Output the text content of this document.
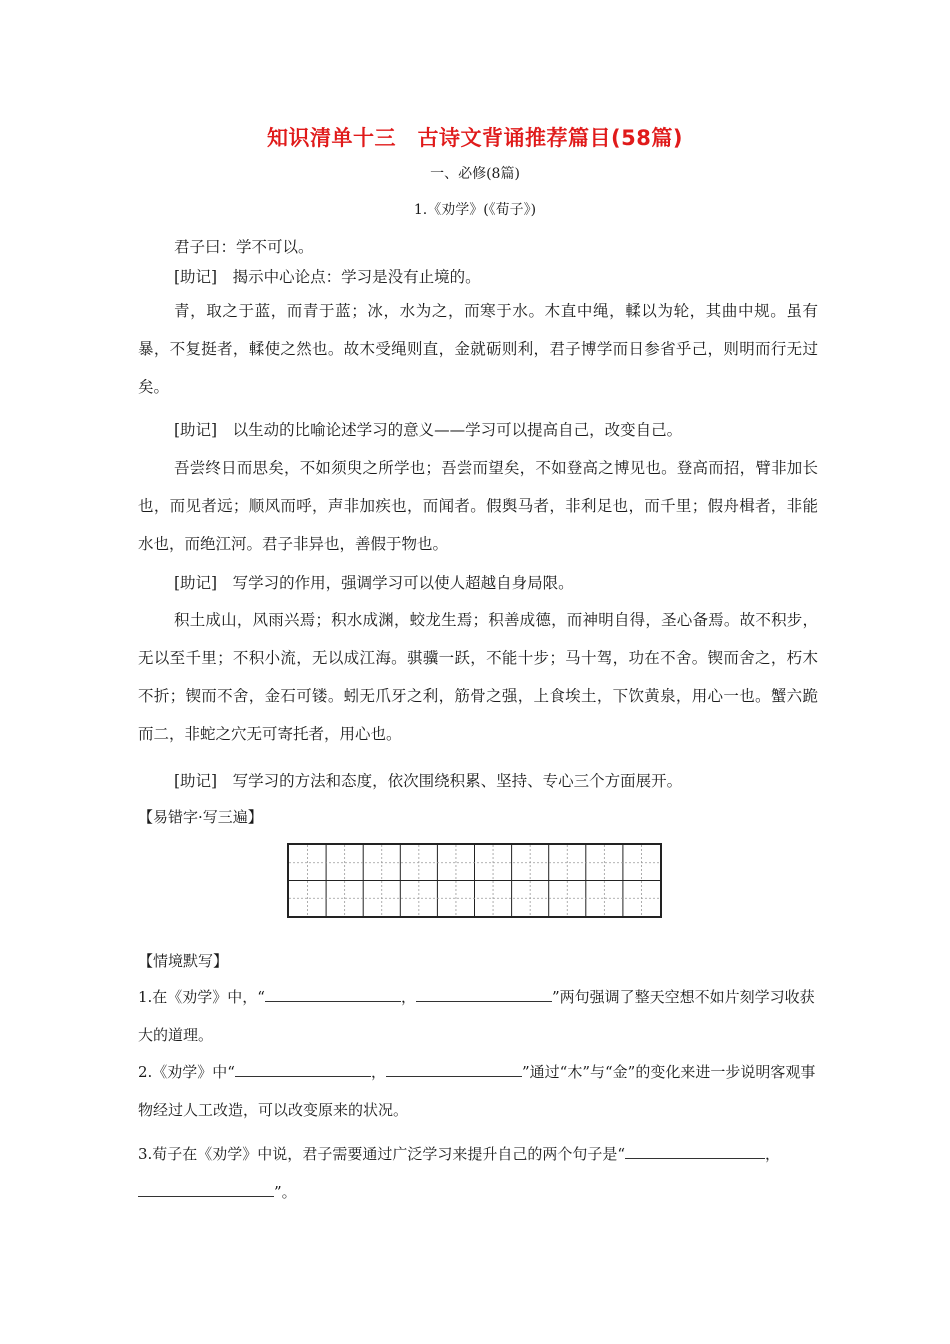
知识清单十三　古诗文背诵推荐篇目(58篇)
一、必修(8篇)
1.《劝学》(《荀子》)

君子曰：学不可以。

[助记]　揭示中心论点：学习是没有止境的。

青，取之于蓝，而青于蓝；冰，水为之，而寒于水。木直中绳，輮以为轮，其曲中规。虽有暴，不复挺者，輮使之然也。故木受绳则直，金就砺则利，君子博学而日参省乎己，则明而行无过矣。

[助记]　以生动的比喻论述学习的意义——学习可以提高自己，改变自己。

吾尝终日而思矣，不如须臾之所学也；吾尝而望矣，不如登高之博见也。登高而招，臂非加长也，而见者远；顺风而呼，声非加疾也，而闻者。假舆马者，非利足也，而千里；假舟楫者，非能水也，而绝江河。君子非异也，善假于物也。

[助记]　写学习的作用，强调学习可以使人超越自身局限。

积土成山，风雨兴焉；积水成渊，蛟龙生焉；积善成德，而神明自得，圣心备焉。故不积步，无以至千里；不积小流，无以成江海。骐骥一跃，不能十步；马十驾，功在不舍。锲而舍之，朽木不折；锲而不舍，金石可镂。蚓无爪牙之利，筋骨之强，上食埃土，下饮黄泉，用心一也。蟹六跪而二，非蛇之穴无可寄托者，用心也。

[助记]　写学习的方法和态度，依次围绕积累、坚持、专心三个方面展开。

【易错字·写三遍】
【情境默写】

1.在《劝学》中，“	，	”两句强调了整天空想不如片刻学习收获大的道理。

2.《劝学》中“	，	”通过“木”与“金”的变化来进一步说明客观事物经过人工改造，可以改变原来的状况。

3.荀子在《劝学》中说，君子需要通过广泛学习来提升自己的两个句子是“	，”。
